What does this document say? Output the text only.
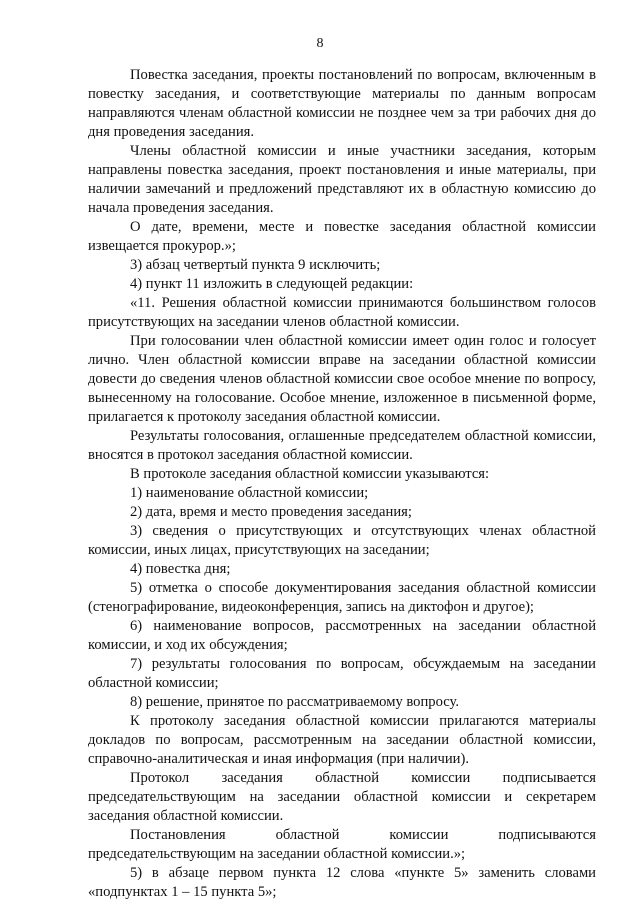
8

Повестка заседания, проекты постановлений по вопросам, включенным в повестку заседания, и соответствующие материалы по данным вопросам направляются членам областной комиссии не позднее чем за три рабочих дня до дня проведения заседания.

Члены областной комиссии и иные участники заседания, которым направлены повестка заседания, проект постановления и иные материалы, при наличии замечаний и предложений представляют их в областную комиссию до начала проведения заседания.

О дате, времени, месте и повестке заседания областной комиссии извещается прокурор.»;

3) абзац четвертый пункта 9 исключить;

4) пункт 11 изложить в следующей редакции:

«11. Решения областной комиссии принимаются большинством голосов присутствующих на заседании членов областной комиссии.

При голосовании член областной комиссии имеет один голос и голосует лично. Член областной комиссии вправе на заседании областной комиссии довести до сведения членов областной комиссии свое особое мнение по вопросу, вынесенному на голосование. Особое мнение, изложенное в письменной форме, прилагается к протоколу заседания областной комиссии.

Результаты голосования, оглашенные председателем областной комиссии, вносятся в протокол заседания областной комиссии.

В протоколе заседания областной комиссии указываются:

1) наименование областной комиссии;

2) дата, время и место проведения заседания;

3) сведения о присутствующих и отсутствующих членах областной комиссии, иных лицах, присутствующих на заседании;

4) повестка дня;

5) отметка о способе документирования заседания областной комиссии (стенографирование, видеоконференция, запись на диктофон и другое);

6) наименование вопросов, рассмотренных на заседании областной комиссии, и ход их обсуждения;

7) результаты голосования по вопросам, обсуждаемым на заседании областной комиссии;

8) решение, принятое по рассматриваемому вопросу.

К протоколу заседания областной комиссии прилагаются материалы докладов по вопросам, рассмотренным на заседании областной комиссии, справочно-аналитическая и иная информация (при наличии).

Протокол заседания областной комиссии подписывается председательствующим на заседании областной комиссии и секретарем заседания областной комиссии.

Постановления областной комиссии подписываются председательствующим на заседании областной комиссии.»;

5) в абзаце первом пункта 12 слова «пункте 5» заменить словами «подпунктах 1 – 15 пункта 5»;
